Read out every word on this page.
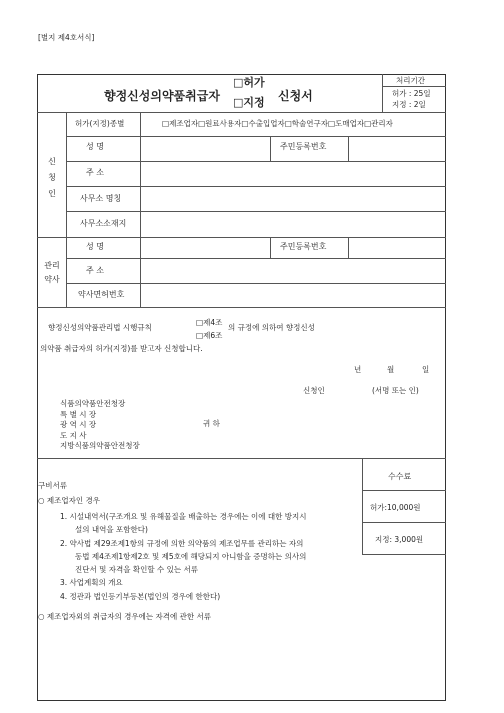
[별지 제4호서식]
향정신성의약품취급자
□허가
□지정 신청서
처리기간
허가 : 25일
지정 : 2일
신
청
인
허가(지정)종별	□제조업자□원료사용자□수출입업자□학술연구자□도매업자□관리자
성 명	주민등록번호
주 소
사무소 명칭
사무소소재지
관리
약사
성 명	주민등록번호
주 소
약사면허번호
향정신성의약품관리법 시행규칙
□제4조
□제6조
의 규정에 의하여 향정신성
의약품 취급자의 허가(지정)를 받고자 신청합니다.
년	월	일
신청인	(서명 또는 인)
식품의약품안전청장
특 별 시 장
광 역 시 장
도 지 사
지방식품의약품안전청장
귀 하
수수료
허가:10,000원
지정: 3,000원
구비서류
○ 제조업자인 경우
1. 시설내역서(구조개요 및 유해물질을 배출하는 경우에는 이에 대한 방지시
설의 내역을 포함한다)
2. 약사법 제29조제1항의 규정에 의한 의약품의 제조업무를 관리하는 자의
동법 제4조제1항제2호 및 제5호에 해당되지 아니함을 증명하는 의사의
진단서 및 자격을 확인할 수 있는 서류
3. 사업계획의 개요
4. 정관과 법인등기부등본(법인의 경우에 한한다)
○ 제조업자외의 취급자의 경우에는 자격에 관한 서류
